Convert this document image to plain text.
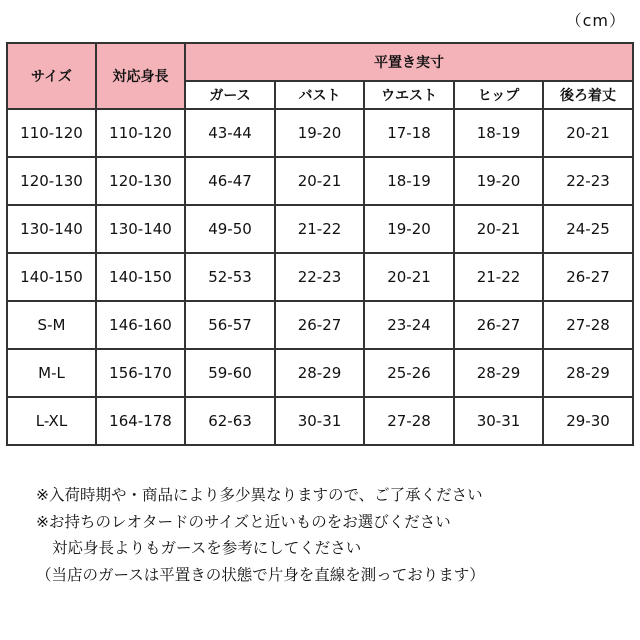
（cm）
サイズ	対応身長	平置き実寸				
		ガース	バスト	ウエスト	ヒップ	後ろ着丈
110-120	110-120	43-44	19-20	17-18	18-19	20-21
120-130	120-130	46-47	20-21	18-19	19-20	22-23
130-140	130-140	49-50	21-22	19-20	20-21	24-25
140-150	140-150	52-53	22-23	20-21	21-22	26-27
S-M	146-160	56-57	26-27	23-24	26-27	27-28
M-L	156-170	59-60	28-29	25-26	28-29	28-29
L-XL	164-178	62-63	30-31	27-28	30-31	29-30
※入荷時期や・商品により多少異なりますので、ご了承ください
※お持ちのレオタードのサイズと近いものをお選びください
対応身長よりもガースを参考にしてください
（当店のガースは平置きの状態で片身を直線を測っております）
